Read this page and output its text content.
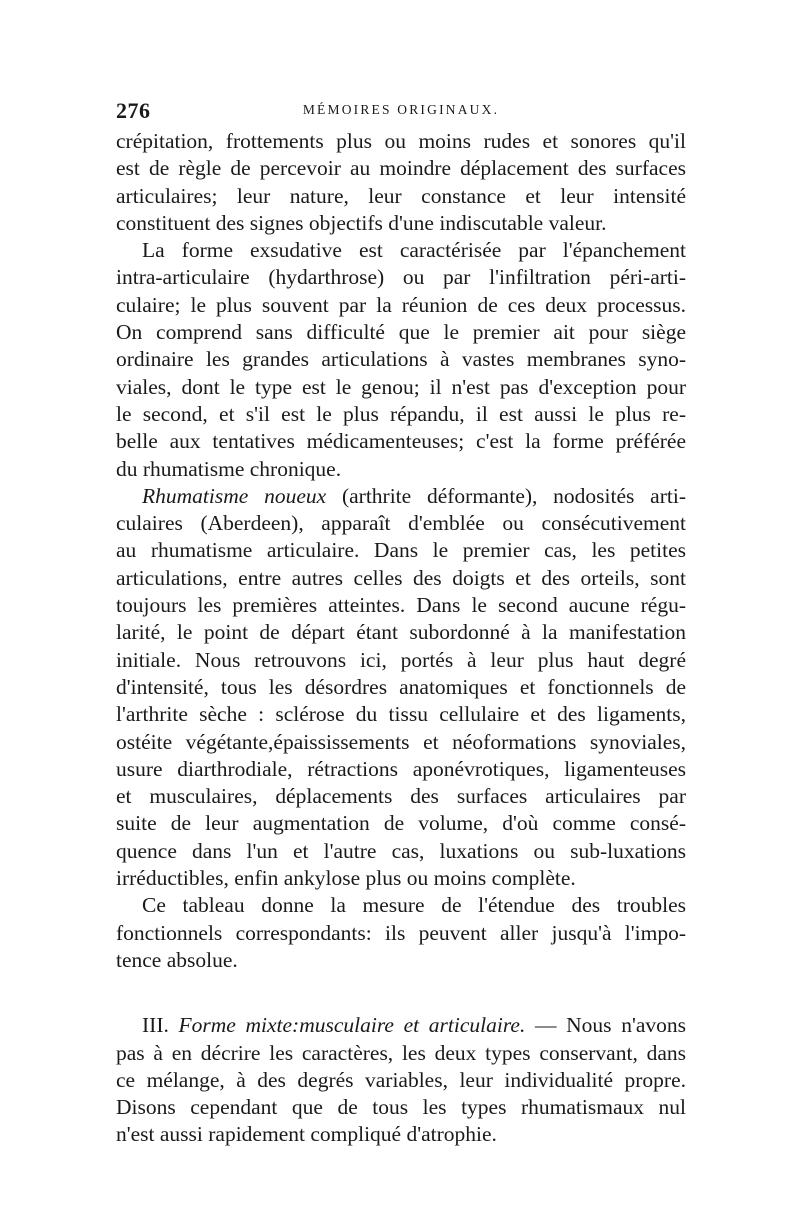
276	MÉMOIRES ORIGINAUX.
crépitation, frottements plus ou moins rudes et sonores qu'il
est de règle de percevoir au moindre déplacement des surfaces
articulaires; leur nature, leur constance et leur intensité
constituent des signes objectifs d'une indiscutable valeur.
La forme exsudative est caractérisée par l'épanchement
intra-articulaire (hydarthrose) ou par l'infiltration péri-arti-
culaire; le plus souvent par la réunion de ces deux processus.
On comprend sans difficulté que le premier ait pour siège
ordinaire les grandes articulations à vastes membranes syno-
viales, dont le type est le genou; il n'est pas d'exception pour
le second, et s'il est le plus répandu, il est aussi le plus re-
belle aux tentatives médicamenteuses; c'est la forme préférée
du rhumatisme chronique.
Rhumatisme noueux (arthrite déformante), nodosités arti-
culaires (Aberdeen), apparaît d'emblée ou consécutivement
au rhumatisme articulaire. Dans le premier cas, les petites
articulations, entre autres celles des doigts et des orteils, sont
toujours les premières atteintes. Dans le second aucune régu-
larité, le point de départ étant subordonné à la manifestation
initiale. Nous retrouvons ici, portés à leur plus haut degré
d'intensité, tous les désordres anatomiques et fonctionnels de
l'arthrite sèche : sclérose du tissu cellulaire et des ligaments,
ostéite végétante,épaississements et néoformations synoviales,
usure diarthrodiale, rétractions aponévrotiques, ligamenteuses
et musculaires, déplacements des surfaces articulaires par
suite de leur augmentation de volume, d'où comme consé-
quence dans l'un et l'autre cas, luxations ou sub-luxations
irréductibles, enfin ankylose plus ou moins complète.
Ce tableau donne la mesure de l'étendue des troubles
fonctionnels correspondants: ils peuvent aller jusqu'à l'impo-
tence absolue.
III. Forme mixte:musculaire et articulaire. — Nous n'avons
pas à en décrire les caractères, les deux types conservant, dans
ce mélange, à des degrés variables, leur individualité propre.
Disons cependant que de tous les types rhumatismaux nul
n'est aussi rapidement compliqué d'atrophie.
